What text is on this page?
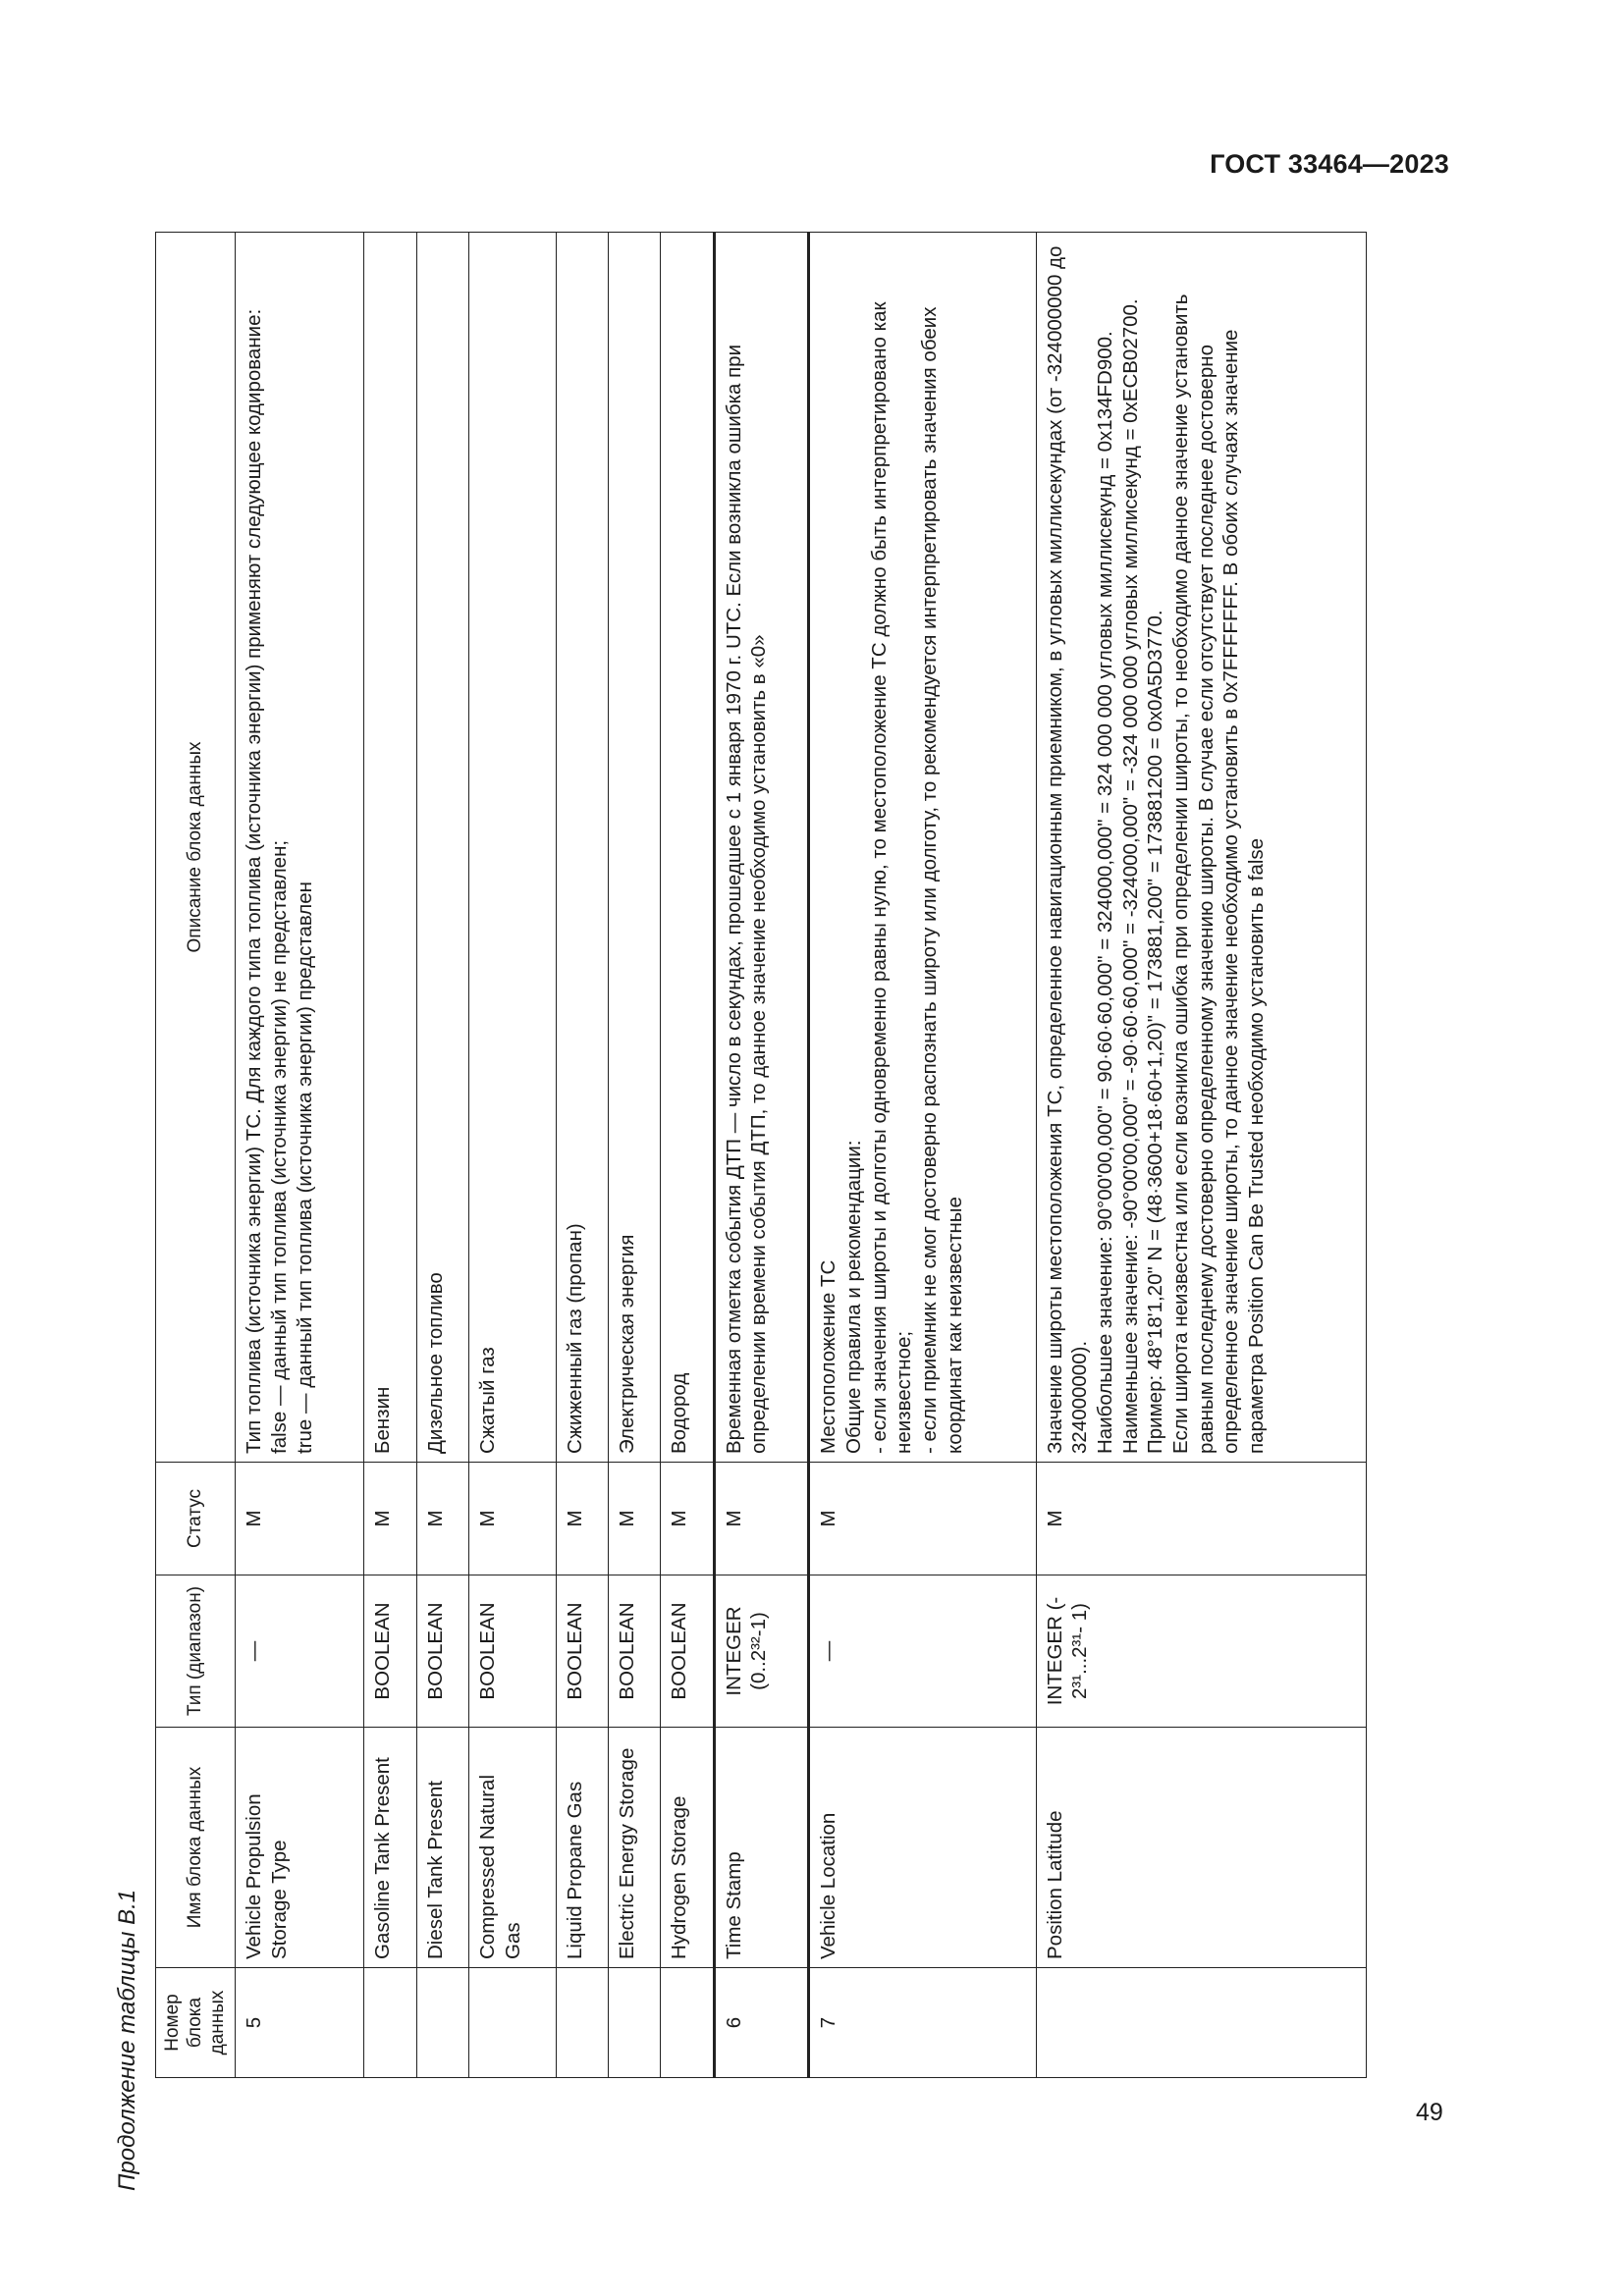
ГОСТ 33464—2023
49
Продолжение таблицы B.1 Номер блока данных	Имя блока данных	Тип (диапазон)	Статус	Описание блока данных
5	Vehicle Propulsion Storage Type	—	M	Тип топлива (источника энергии) ТС. Для каждого типа топлива (источника энергии) применяют следующее кодирование: false — данный тип топлива (источника энергии) не представлен; true — данный тип топлива (источника энергии) представлен

	Gasoline Tank Present	BOOLEAN	M	Бензин

	Diesel Tank Present	BOOLEAN	M	Дизельное топливо

	Compressed Natural Gas	BOOLEAN	M	Сжатый газ

	Liquid Propane Gas	BOOLEAN	M	Сжиженный газ (пропан)

	Electric Energy Storage	BOOLEAN	M	Электрическая энергия

	Hydrogen Storage	BOOLEAN	M	Водород

6	Time Stamp	INTEGER (0..2³²-1)	M	Временная отметка события ДТП — число в секундах, прошедшее с 1 января 1970 г. UTC. Если возникла ошибка при определении времени события ДТП, то данное значение необходимо установить в «0»

7	Vehicle Location	—	M	Местоположение ТС Общие правила и рекомендации: - если значения широты и долготы одновременно равны нулю, то местоположение ТС должно быть интерпретировано как неизвестное; - если приемник не смог достоверно распознать широту или долготу, то рекомендуется интерпретировать значения обеих координат как неизвестные

	Position Latitude	INTEGER (- 2³¹...2³¹- 1)	M	Значение широты местоположения ТС, определенное навигационным приемником, в угловых миллисекундах (от -324000000 до 324000000). Наибольшее значение: 90°00'00,000" = 90·60·60,000" = 324000,000" = 324 000 000 угловых миллисекунд = 0x134FD900. Наименьшее значение: -90°00'00,000" = -90·60·60,000" = -324000,000" = -324 000 000 угловых миллисекунд = 0xECB02700. Пример: 48°18'1,20" N = (48·3600+18·60+1,20)" = 173881,200" = 173881200 = 0x0A5D3770. Если широта неизвестна или если возникла ошибка при определении широты, то необходимо данное значение установить равным последнему достоверно определенному значению широты. В случае если отсутствует последнее достоверно определенное значение широты, то данное значение необходимо установить в 0x7FFFFFFF. В обоих случаях значение параметра Position Can Be Trusted необходимо установить в false
